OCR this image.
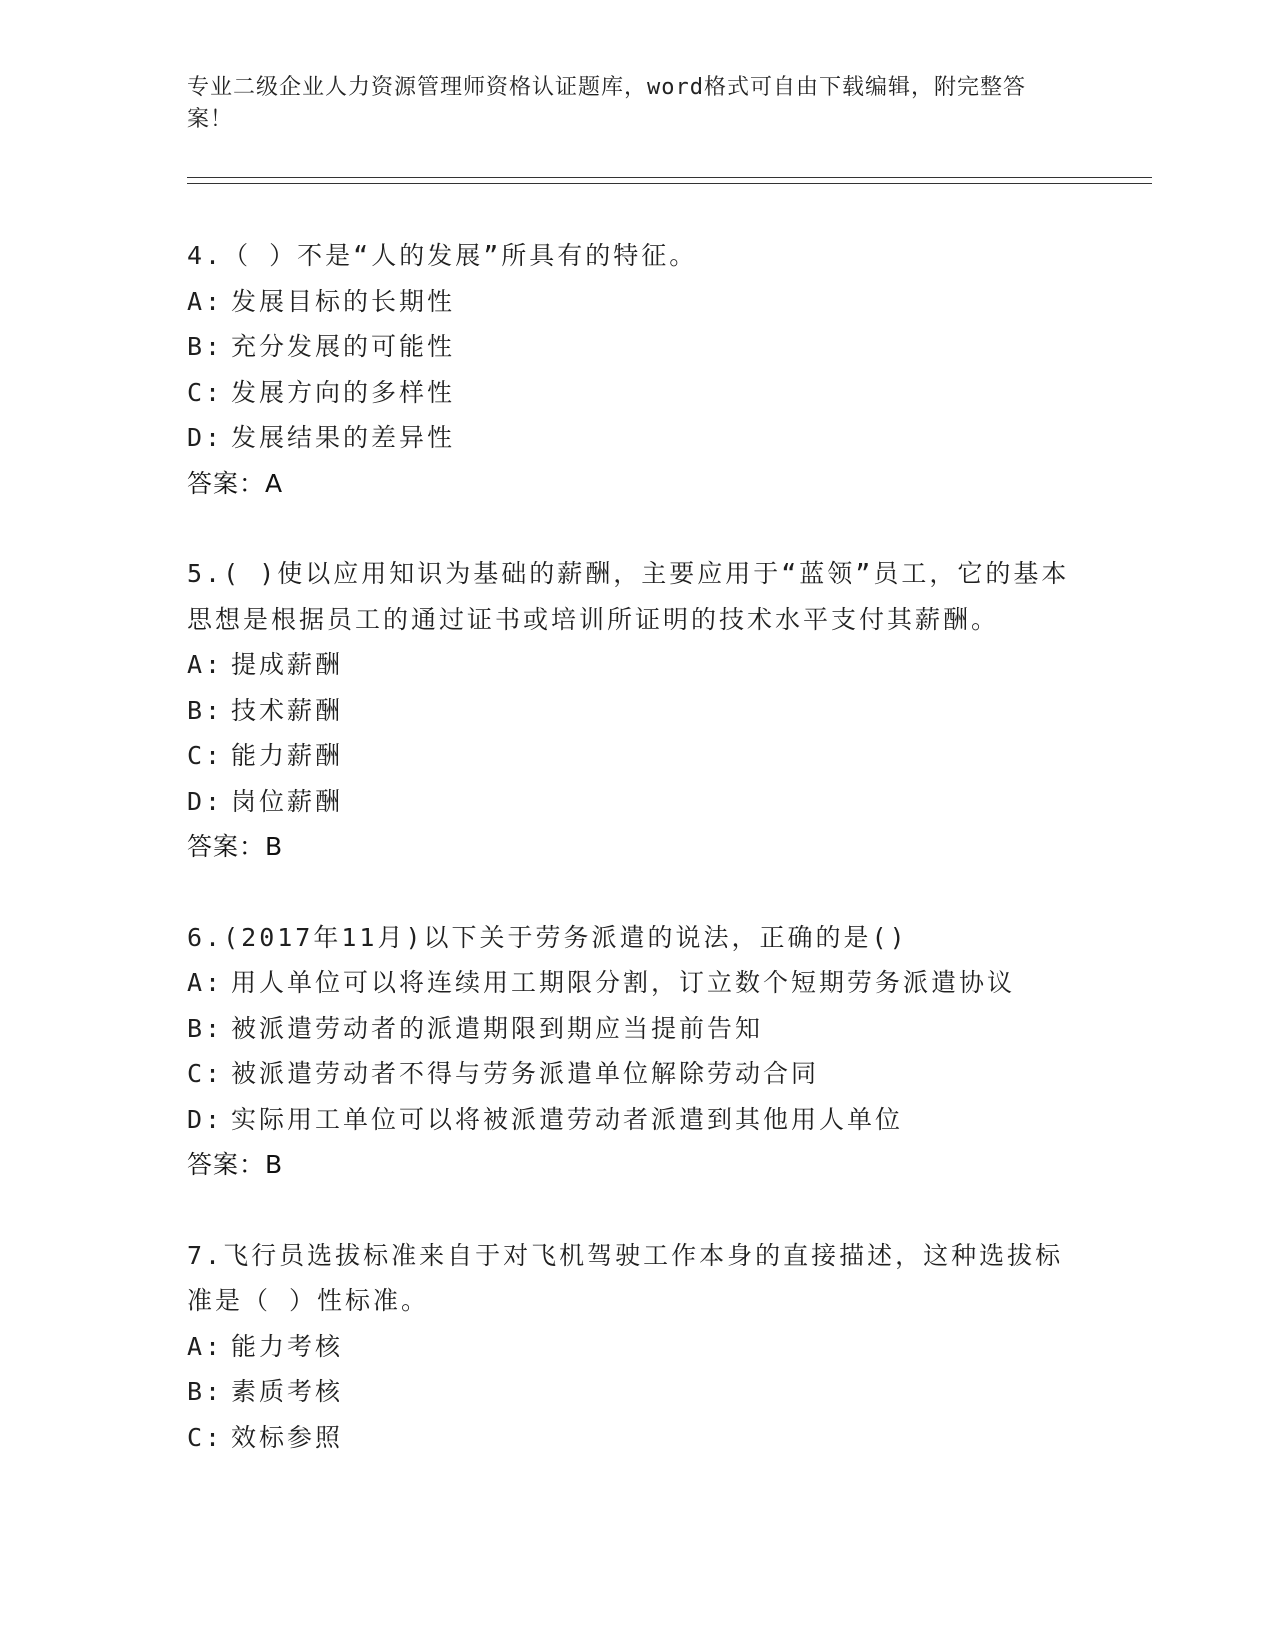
专业二级企业人力资源管理师资格认证题库，word格式可自由下载编辑，附完整答案！
4.（ ）不是“人的发展”所具有的特征。
A: 发展目标的长期性
B: 充分发展的可能性
C: 发展方向的多样性
D: 发展结果的差异性
答案：A
5.( )使以应用知识为基础的薪酬，主要应用于“蓝领”员工，它的基本思想是根据员工的通过证书或培训所证明的技术水平支付其薪酬。
A: 提成薪酬
B: 技术薪酬
C: 能力薪酬
D: 岗位薪酬
答案：B
6.(2017年11月)以下关于劳务派遣的说法，正确的是()
A: 用人单位可以将连续用工期限分割，订立数个短期劳务派遣协议
B: 被派遣劳动者的派遣期限到期应当提前告知
C: 被派遣劳动者不得与劳务派遣单位解除劳动合同
D: 实际用工单位可以将被派遣劳动者派遣到其他用人单位
答案：B
7.飞行员选拔标准来自于对飞机驾驶工作本身的直接描述，这种选拔标准是（ ）性标准。
A: 能力考核
B: 素质考核
C: 效标参照
